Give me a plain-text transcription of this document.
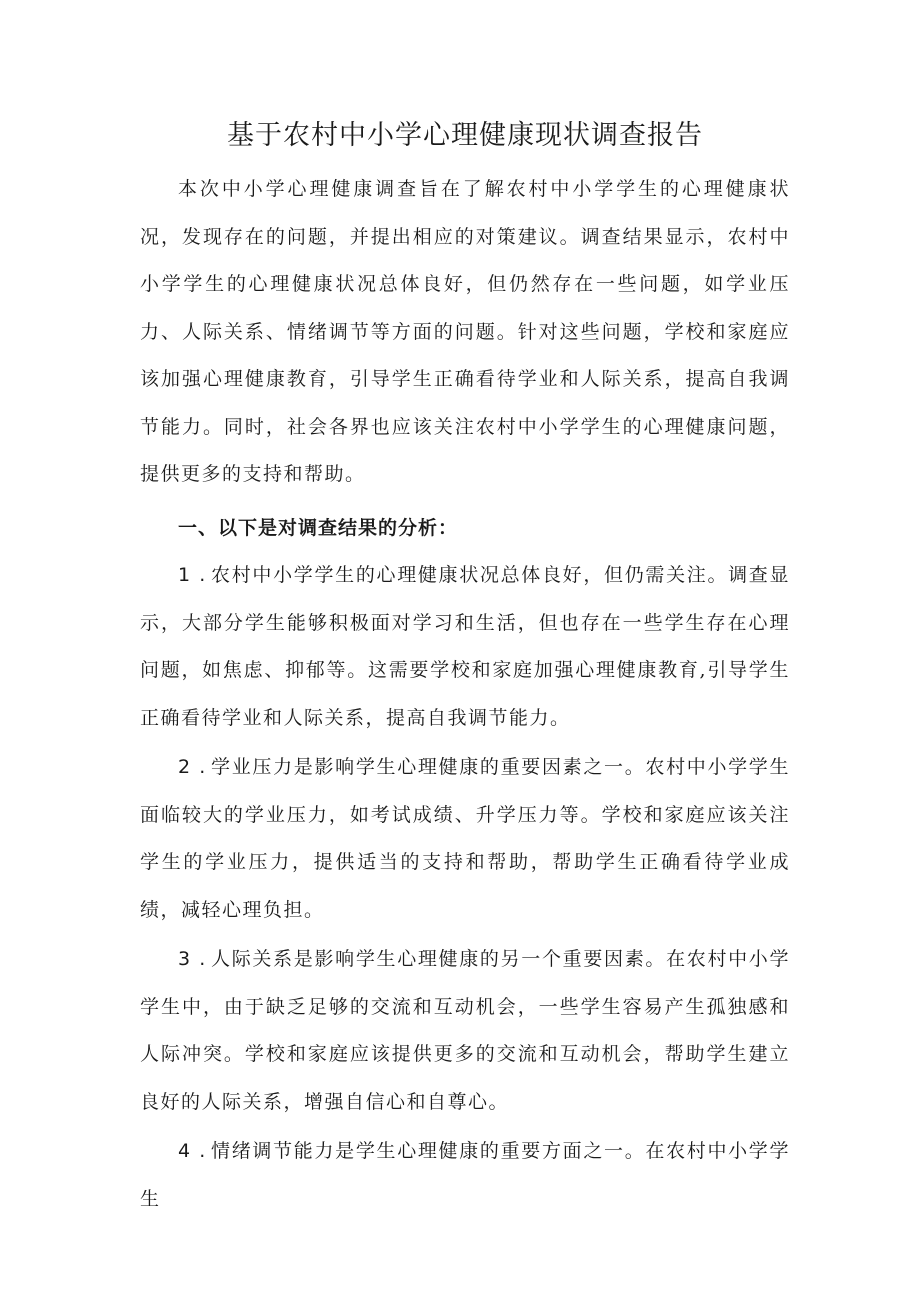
基于农村中小学心理健康现状调查报告

本次中小学心理健康调查旨在了解农村中小学学生的心理健康状况，发现存在的问题，并提出相应的对策建议。调查结果显示，农村中小学学生的心理健康状况总体良好，但仍然存在一些问题，如学业压力、人际关系、情绪调节等方面的问题。针对这些问题，学校和家庭应该加强心理健康教育，引导学生正确看待学业和人际关系，提高自我调节能力。同时，社会各界也应该关注农村中小学学生的心理健康问题，提供更多的支持和帮助。

一、以下是对调查结果的分析：

1 . 农村中小学学生的心理健康状况总体良好，但仍需关注。调查显示，大部分学生能够积极面对学习和生活，但也存在一些学生存在心理问题，如焦虑、抑郁等。这需要学校和家庭加强心理健康教育,引导学生正确看待学业和人际关系，提高自我调节能力。

2 . 学业压力是影响学生心理健康的重要因素之一。农村中小学学生面临较大的学业压力，如考试成绩、升学压力等。学校和家庭应该关注学生的学业压力，提供适当的支持和帮助，帮助学生正确看待学业成绩，减轻心理负担。

3 . 人际关系是影响学生心理健康的另一个重要因素。在农村中小学学生中，由于缺乏足够的交流和互动机会，一些学生容易产生孤独感和人际冲突。学校和家庭应该提供更多的交流和互动机会，帮助学生建立良好的人际关系，增强自信心和自尊心。

4 . 情绪调节能力是学生心理健康的重要方面之一。在农村中小学学生
